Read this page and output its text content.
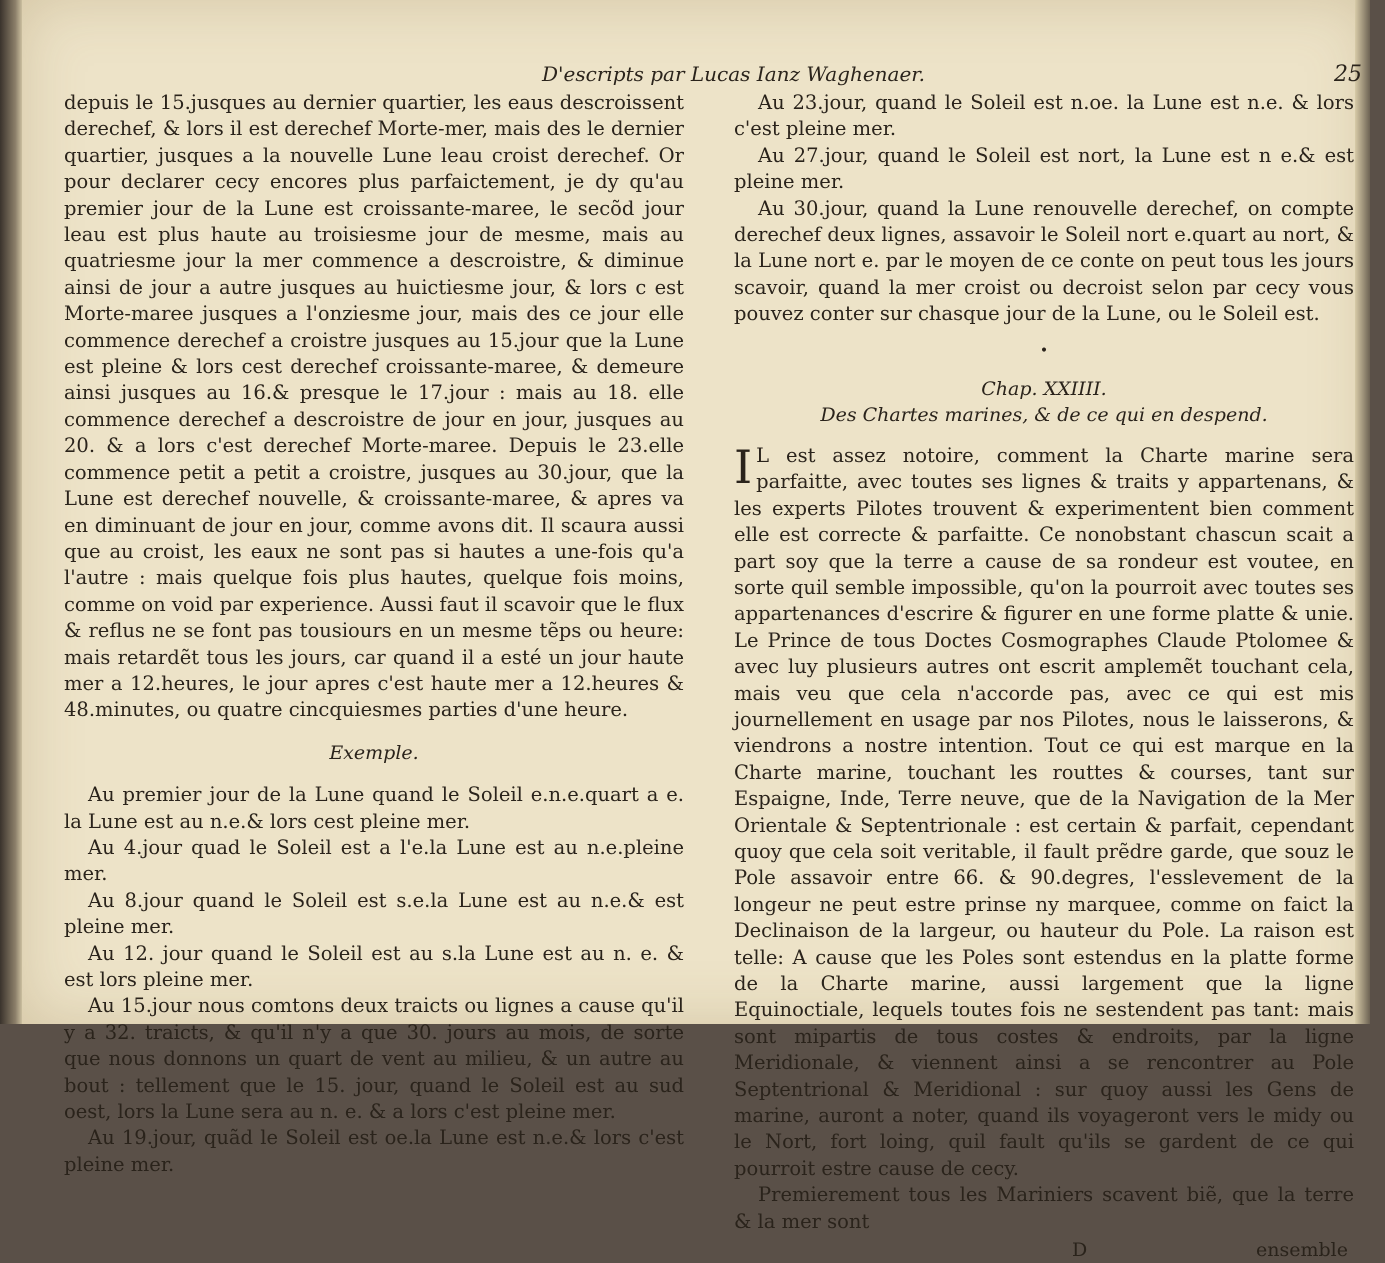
D'escripts par Lucas Ianz Waghenaer.	25

depuis le 15.jusques au dernier quartier, les eaus descroissent derechef, & lors il est derechef Morte-mer, mais des le dernier quartier, jusques a la nouvelle Lune leau croist derechef. Or pour declarer cecy encores plus parfaictement, je dy qu'au premier jour de la Lune est croissante-maree, le secõd jour leau est plus haute au troisiesme jour de mesme, mais au quatriesme jour la mer commence a descroistre, & diminue ainsi de jour a autre jusques au huictiesme jour, & lors c est Morte-maree jusques a l'onziesme jour, mais des ce jour elle commence derechef a croistre jusques au 15.jour que la Lune est pleine & lors cest derechef croissante-maree, & demeure ainsi jusques au 16.& presque le 17.jour : mais au 18. elle commence derechef a descroistre de jour en jour, jusques au 20. & a lors c'est derechef Morte-maree. Depuis le 23.elle commence petit a petit a croistre, jusques au 30.jour, que la Lune est derechef nouvelle, & croissante-maree, & apres va en diminuant de jour en jour, comme avons dit. Il scaura aussi que au croist, les eaux ne sont pas si hautes a une-fois qu'a l'autre : mais quelque fois plus hautes, quelque fois moins, comme on void par experience. Aussi faut il scavoir que le flux & reflus ne se font pas tousiours en un mesme tẽps ou heure: mais retardẽt tous les jours, car quand il a esté un jour haute mer a 12.heures, le jour apres c'est haute mer a 12.heures & 48.minutes, ou quatre cincquiesmes parties d'une heure.

Exemple.

Au premier jour de la Lune quand le Soleil e.n.e.quart a e. la Lune est au n.e.& lors cest pleine mer.

Au 4.jour quad le Soleil est a l'e.la Lune est au n.e.pleine mer.

Au 8.jour quand le Soleil est s.e.la Lune est au n.e.& est pleine mer.

Au 12. jour quand le Soleil est au s.la Lune est au n. e. & est lors pleine mer.

Au 15.jour nous comtons deux traicts ou lignes a cause qu'il y a 32. traicts, & qu'il n'y a que 30. jours au mois, de sorte que nous donnons un quart de vent au milieu, & un autre au bout : tellement que le 15. jour, quand le Soleil est au sud oest, lors la Lune sera au n. e. & a lors c'est pleine mer.

Au 19.jour, quãd le Soleil est oe.la Lune est n.e.& lors c'est pleine mer.

Au 23.jour, quand le Soleil est n.oe. la Lune est n.e. & lors c'est pleine mer.

Au 27.jour, quand le Soleil est nort, la Lune est n e.& est pleine mer.

Au 30.jour, quand la Lune renouvelle derechef, on compte derechef deux lignes, assavoir le Soleil nort e.quart au nort, & la Lune nort e. par le moyen de ce conte on peut tous les jours scavoir, quand la mer croist ou decroist selon par cecy vous pouvez conter sur chasque jour de la Lune, ou le Soleil est.

•

Chap. XXIIII.

Des Chartes marines, & de ce qui en despend.

I L est assez notoire, comment la Charte marine sera parfaitte, avec toutes ses lignes & traits y appartenans, & les experts Pilotes trouvent & experimentent bien comment elle est correcte & parfaitte. Ce nonobstant chascun scait a part soy que la terre a cause de sa rondeur est voutee, en sorte quil semble impossible, qu'on la pourroit avec toutes ses appartenances d'escrire & figurer en une forme platte & unie. Le Prince de tous Doctes Cosmographes Claude Ptolomee & avec luy plusieurs autres ont escrit amplemẽt touchant cela, mais veu que cela n'accorde pas, avec ce qui est mis journellement en usage par nos Pilotes, nous le laisserons, & viendrons a nostre intention. Tout ce qui est marque en la Charte marine, touchant les routtes & courses, tant sur Espaigne, Inde, Terre neuve, que de la Navigation de la Mer Orientale & Septentrionale : est certain & parfait, cependant quoy que cela soit veritable, il fault prẽdre garde, que souz le Pole assavoir entre 66. & 90.degres, l'esslevement de la longeur ne peut estre prinse ny marquee, comme on faict la Declinaison de la largeur, ou hauteur du Pole. La raison est telle: A cause que les Poles sont estendus en la platte forme de la Charte marine, aussi largement que la ligne Equinoctiale, lequels toutes fois ne sestendent pas tant: mais sont mipartis de tous costes & endroits, par la ligne Meridionale, & viennent ainsi a se rencontrer au Pole Septentrional & Meridional : sur quoy aussi les Gens de marine, auront a noter, quand ils voyageront vers le midy ou le Nort, fort loing, quil fault qu'ils se gardent de ce qui pourroit estre cause de cecy.

Premierement tous les Mariniers scavent biẽ, que la terre & la mer sont

D	ensemble
